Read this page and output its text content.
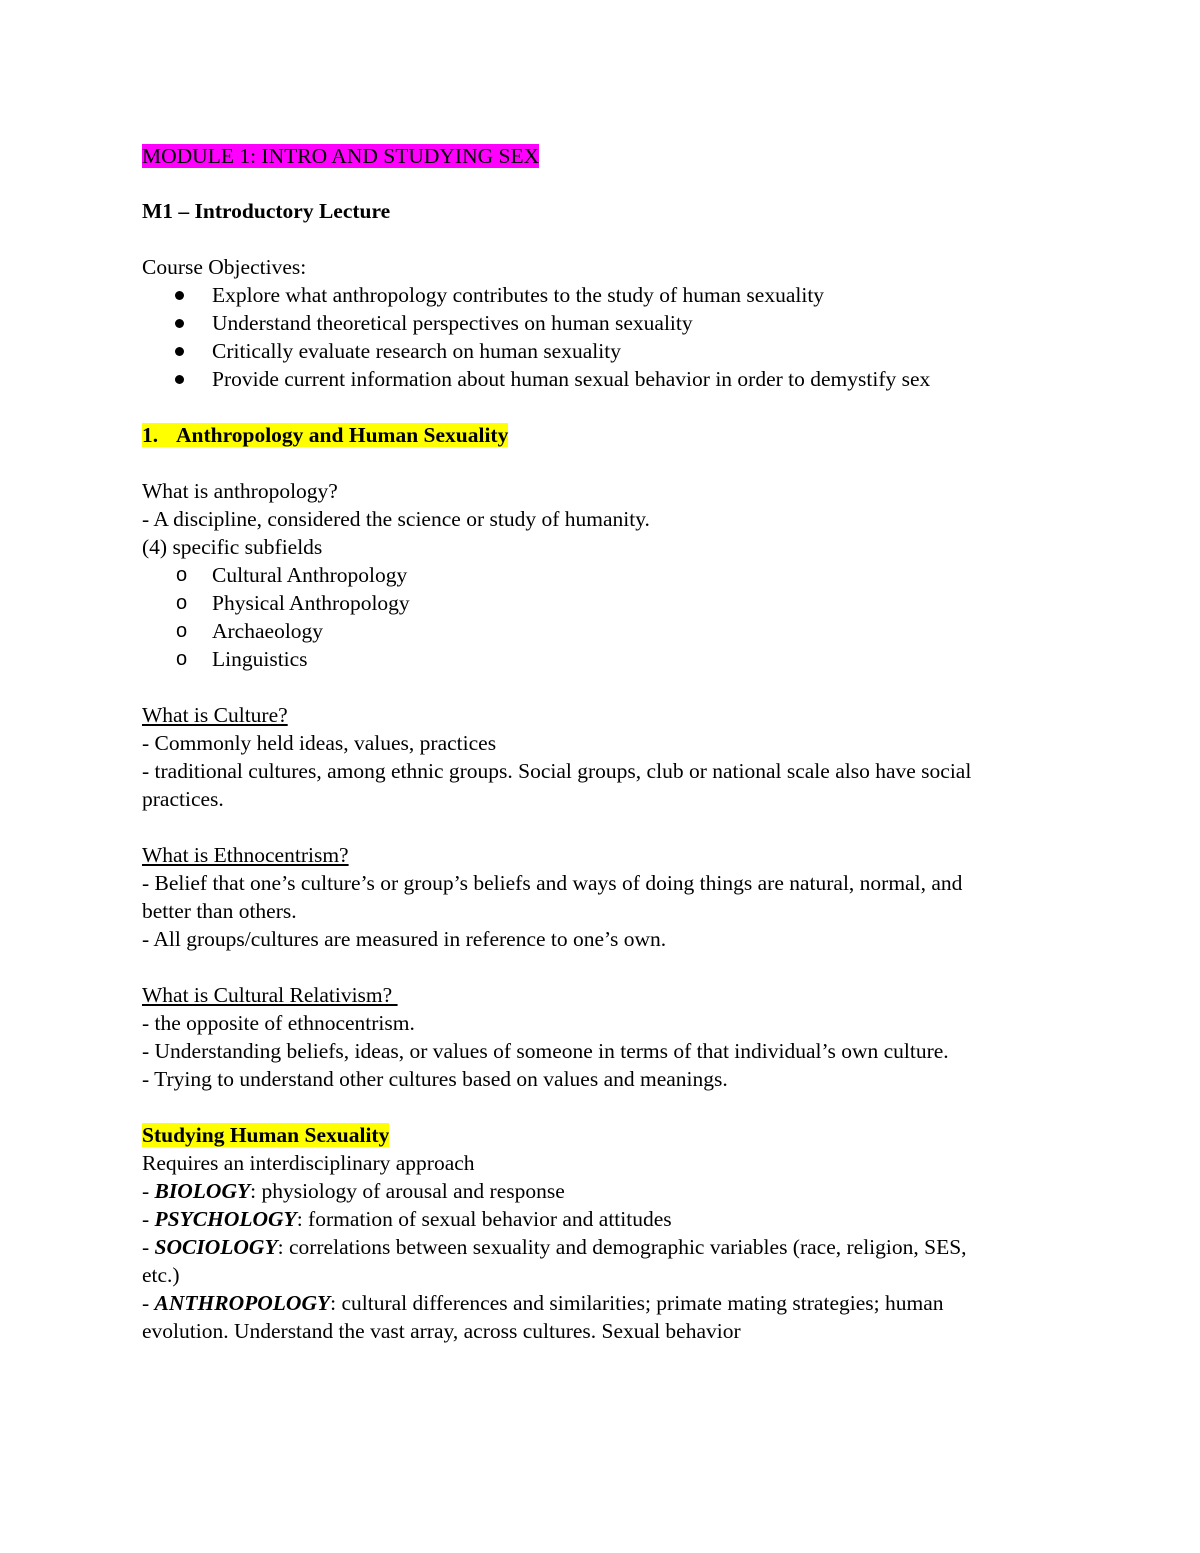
MODULE 1: INTRO AND STUDYING SEX
M1 – Introductory Lecture
Course Objectives:
Explore what anthropology contributes to the study of human sexuality
Understand theoretical perspectives on human sexuality
Critically evaluate research on human sexuality
Provide current information about human sexual behavior in order to demystify sex
1. Anthropology and Human Sexuality
What is anthropology?
- A discipline, considered the science or study of humanity.
(4) specific subfields
o Cultural Anthropology
o Physical Anthropology
o Archaeology
o Linguistics
What is Culture?
- Commonly held ideas, values, practices
- traditional cultures, among ethnic groups. Social groups, club or national scale also have social
practices.
What is Ethnocentrism?
- Belief that one’s culture’s or group’s beliefs and ways of doing things are natural, normal, and
better than others.
- All groups/cultures are measured in reference to one’s own.
What is Cultural Relativism?
- the opposite of ethnocentrism.
- Understanding beliefs, ideas, or values of someone in terms of that individual’s own culture.
- Trying to understand other cultures based on values and meanings.
Studying Human Sexuality
Requires an interdisciplinary approach
- BIOLOGY: physiology of arousal and response
- PSYCHOLOGY: formation of sexual behavior and attitudes
- SOCIOLOGY: correlations between sexuality and demographic variables (race, religion, SES,
etc.)
- ANTHROPOLOGY: cultural differences and similarities; primate mating strategies; human
evolution. Understand the vast array, across cultures. Sexual behavior
